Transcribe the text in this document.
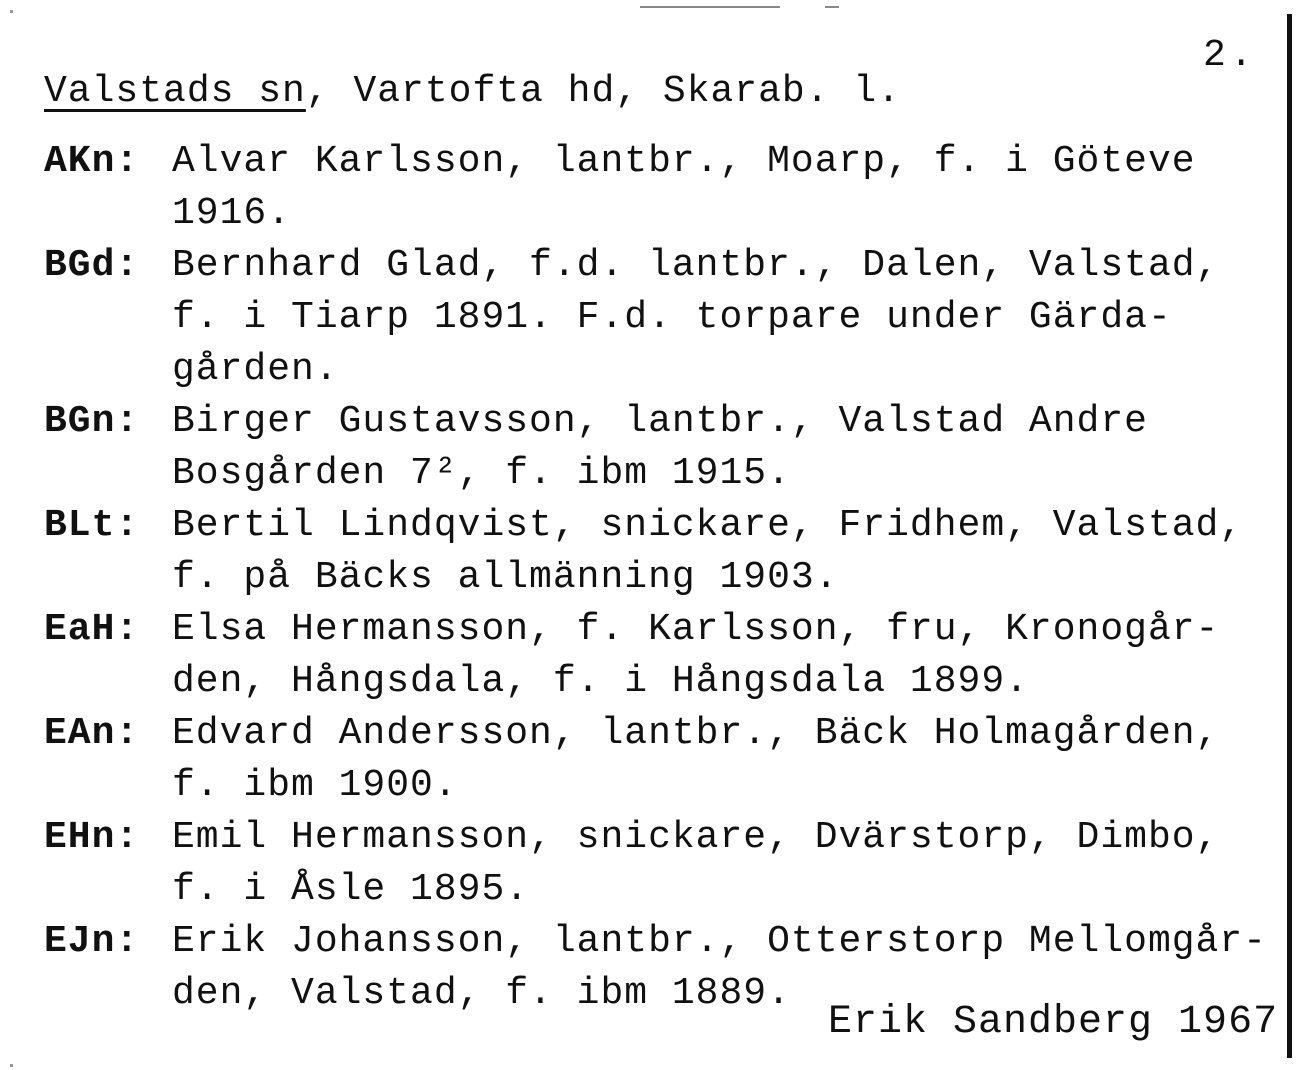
2.
Valstads sn, Vartofta hd, Skarab. l.
AKn: Alvar Karlsson, lantbr., Moarp, f. i Göteve
1916.
BGd: Bernhard Glad, f.d. lantbr., Dalen, Valstad,
f. i Tiarp 1891. F.d. torpare under Gärda-
gården.
BGn: Birger Gustavsson, lantbr., Valstad Andre
Bosgården 7², f. ibm 1915.
BLt: Bertil Lindqvist, snickare, Fridhem, Valstad,
f. på Bäcks allmänning 1903.
EaH: Elsa Hermansson, f. Karlsson, fru, Kronogår-
den, Hångsdala, f. i Hångsdala 1899.
EAn: Edvard Andersson, lantbr., Bäck Holmagården,
f. ibm 1900.
EHn: Emil Hermansson, snickare, Dvärstorp, Dimbo,
f. i Åsle 1895.
EJn: Erik Johansson, lantbr., Otterstorp Mellomgår-
den, Valstad, f. ibm 1889.
Erik Sandberg 1967
